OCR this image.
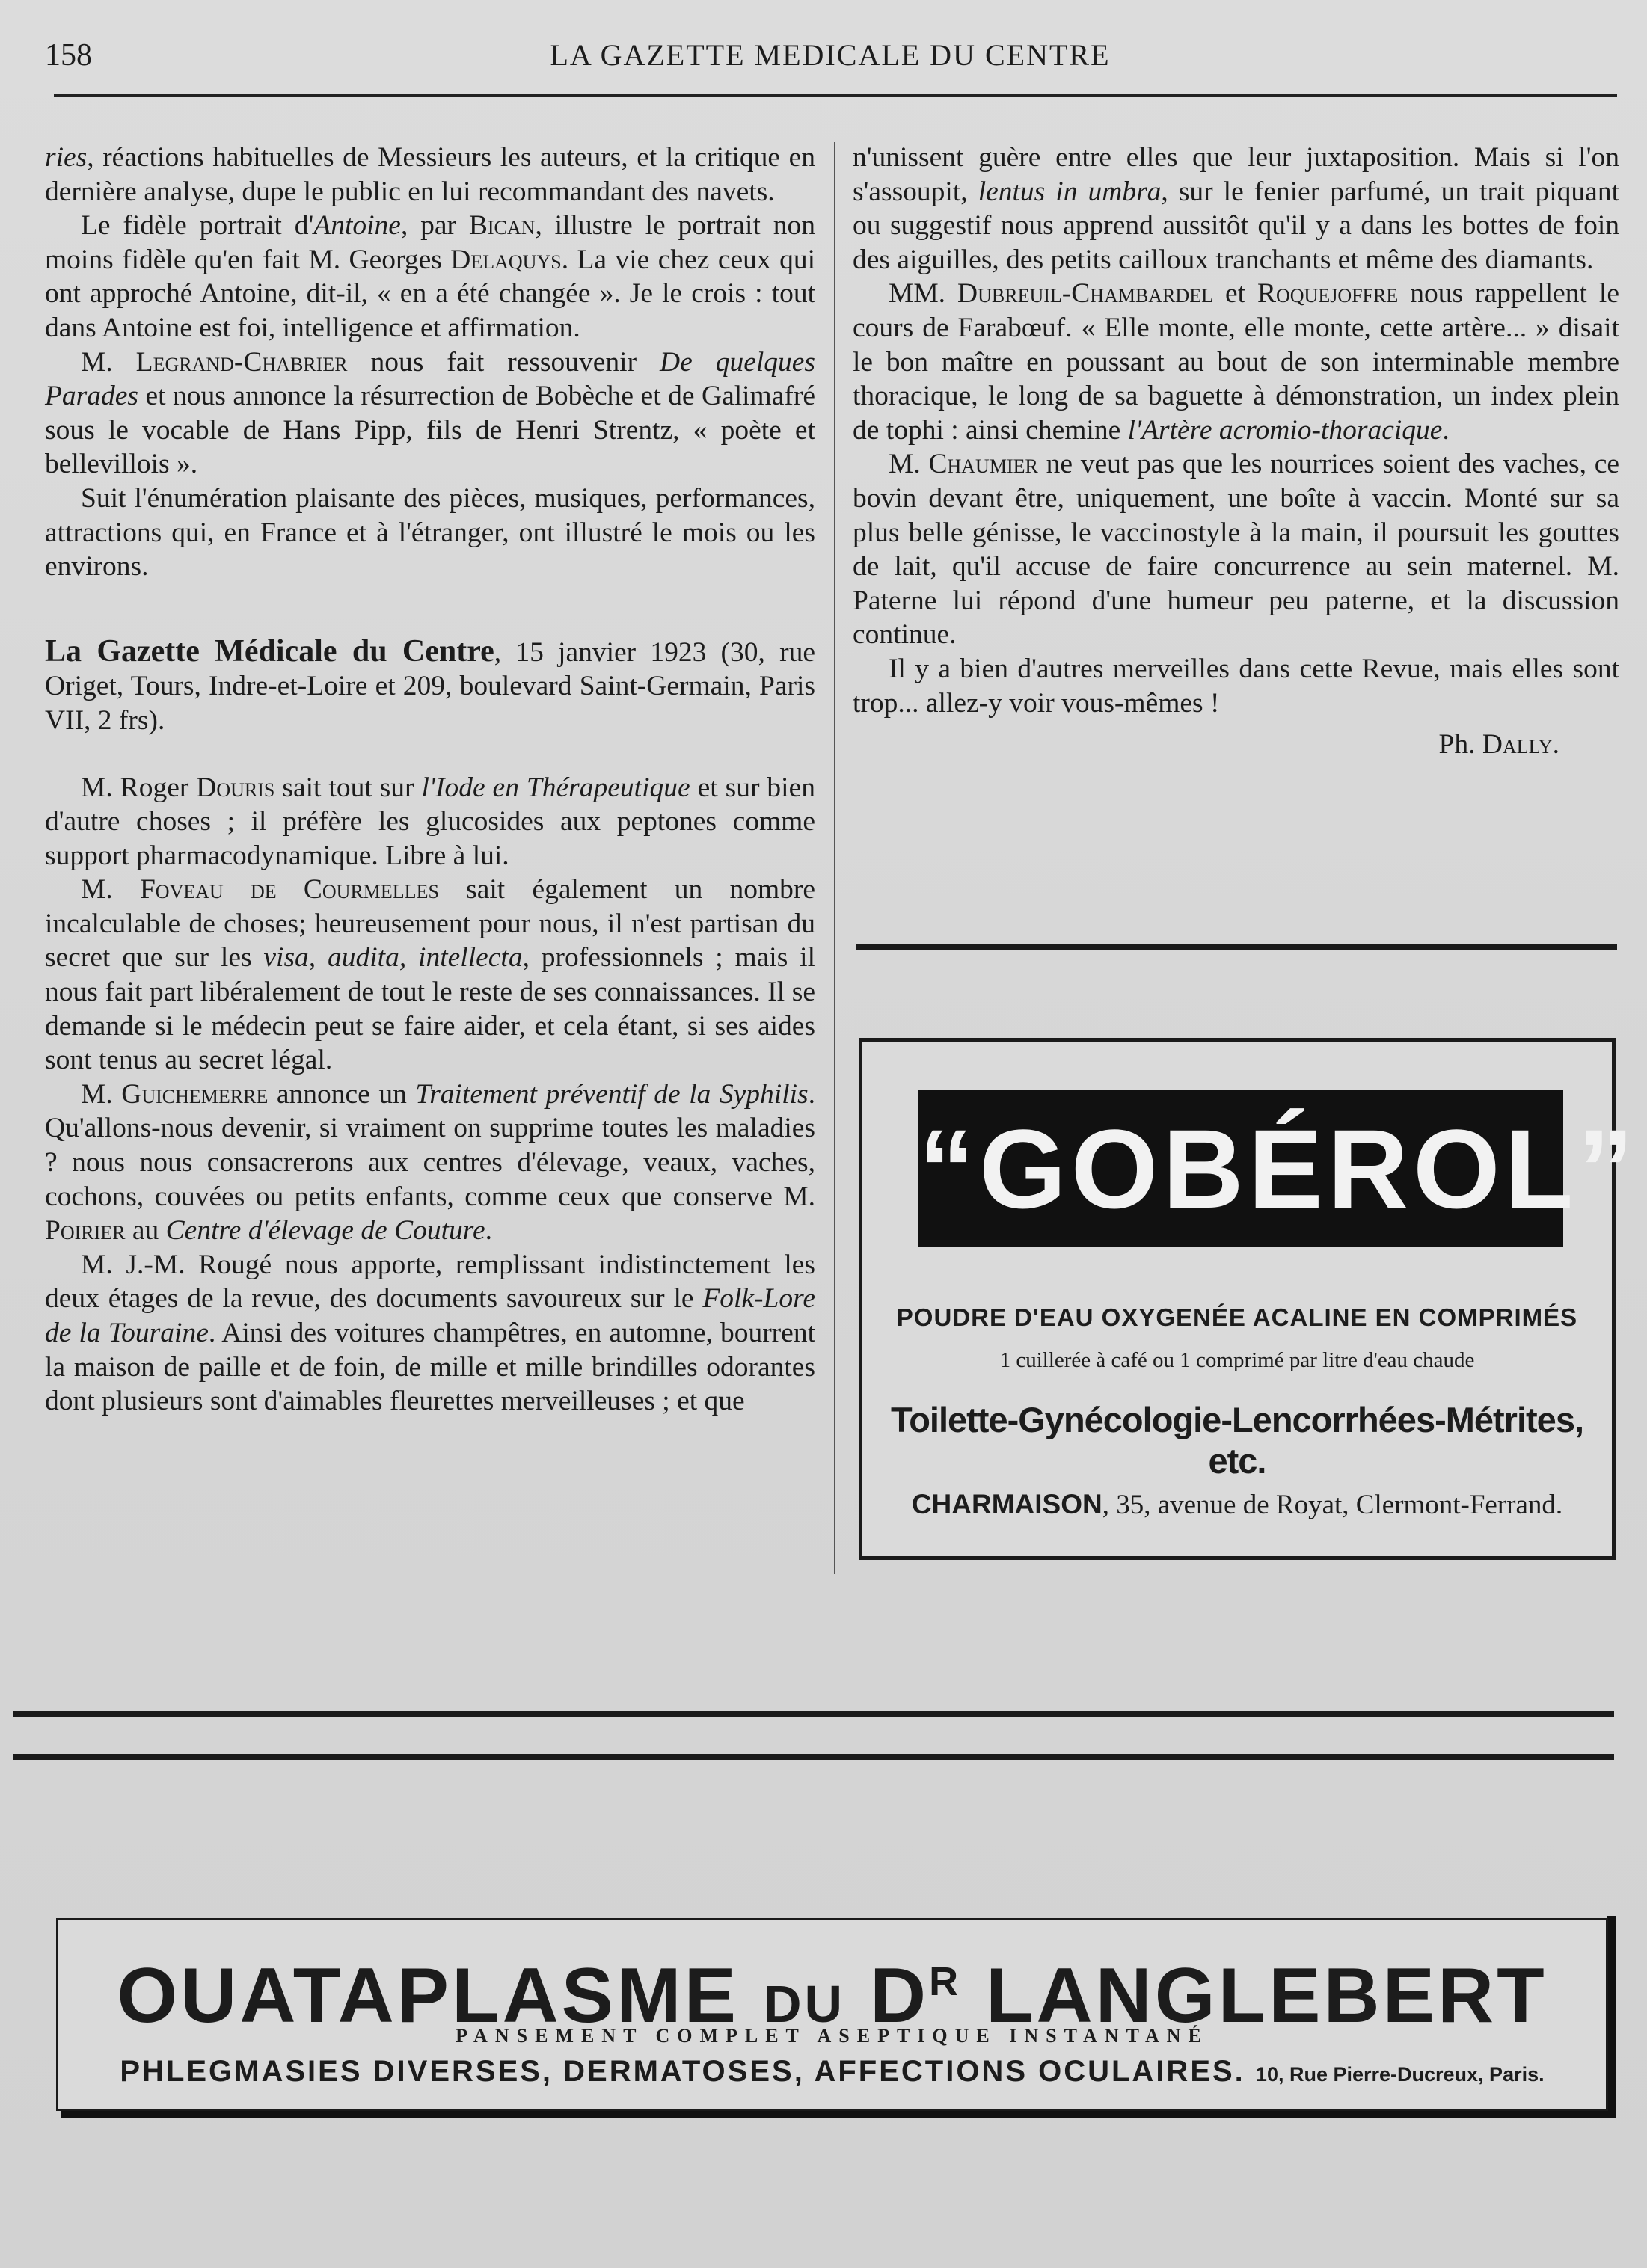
158	LA GAZETTE MEDICALE DU CENTRE

ries, réactions habituelles de Messieurs les auteurs, et la critique en dernière analyse, dupe le public en lui recommandant des navets.

Le fidèle portrait d'Antoine, par Bican, illustre le portrait non moins fidèle qu'en fait M. Georges Delaquys. La vie chez ceux qui ont approché Antoine, dit-il, « en a été changée ». Je le crois : tout dans Antoine est foi, intelligence et affirmation.

M. Legrand-Chabrier nous fait ressouvenir De quelques Parades et nous annonce la résurrection de Bobèche et de Galimafré sous le vocable de Hans Pipp, fils de Henri Strentz, « poète et bellevillois ».

Suit l'énumération plaisante des pièces, musiques, performances, attractions qui, en France et à l'étranger, ont illustré le mois ou les environs.

La Gazette Médicale du Centre, 15 janvier 1923 (30, rue Origet, Tours, Indre-et-Loire et 209, boulevard Saint-Germain, Paris VII, 2 frs).

M. Roger Douris sait tout sur l'Iode en Thérapeutique et sur bien d'autre choses ; il préfère les glucosides aux peptones comme support pharmacodynamique. Libre à lui.

M. Foveau de Courmelles sait également un nombre incalculable de choses; heureusement pour nous, il n'est partisan du secret que sur les visa, audita, intellecta, professionnels ; mais il nous fait part libéralement de tout le reste de ses connaissances. Il se demande si le médecin peut se faire aider, et cela étant, si ses aides sont tenus au secret légal.

M. Guichemerre annonce un Traitement préventif de la Syphilis. Qu'allons-nous devenir, si vraiment on supprime toutes les maladies ? nous nous consacrerons aux centres d'élevage, veaux, vaches, cochons, couvées ou petits enfants, comme ceux que conserve M. Poirier au Centre d'élevage de Couture.

M. J.-M. Rougé nous apporte, remplissant indistinctement les deux étages de la revue, des documents savoureux sur le Folk-Lore de la Touraine. Ainsi des voitures champêtres, en automne, bourrent la maison de paille et de foin, de mille et mille brindilles odorantes dont plusieurs sont d'aimables fleurettes merveilleuses ; et que

n'unissent guère entre elles que leur juxtaposition. Mais si l'on s'assoupit, lentus in umbra, sur le fenier parfumé, un trait piquant ou suggestif nous apprend aussitôt qu'il y a dans les bottes de foin des aiguilles, des petits cailloux tranchants et même des diamants.

MM. Dubreuil-Chambardel et Roquejoffre nous rappellent le cours de Farabœuf. « Elle monte, elle monte, cette artère... » disait le bon maître en poussant au bout de son interminable membre thoracique, le long de sa baguette à démonstration, un index plein de tophi : ainsi chemine l'Artère acromio-thoracique.

M. Chaumier ne veut pas que les nourrices soient des vaches, ce bovin devant être, uniquement, une boîte à vaccin. Monté sur sa plus belle génisse, le vaccinostyle à la main, il poursuit les gouttes de lait, qu'il accuse de faire concurrence au sein maternel. M. Paterne lui répond d'une humeur peu paterne, et la discussion continue.

Il y a bien d'autres merveilles dans cette Revue, mais elles sont trop... allez-y voir vous-mêmes !

Ph. Dally.

“GOBÉROL”
POUDRE D'EAU OXYGENÉE ACALINE EN COMPRIMÉS
1 cuillerée à café ou 1 comprimé par litre d'eau chaude
Toilette-Gynécologie-Lencorrhées-Métrites, etc.
CHARMAISON, 35, avenue de Royat, Clermont-Ferrand.
OUATAPLASME DU $D^R$ LANGLEBERT
PANSEMENT COMPLET ASEPTIQUE INSTANTANÉ
PHLEGMASIES DIVERSES, DERMATOSES, AFFECTIONS OCULAIRES. 10, Rue Pierre-Ducreux, Paris.
